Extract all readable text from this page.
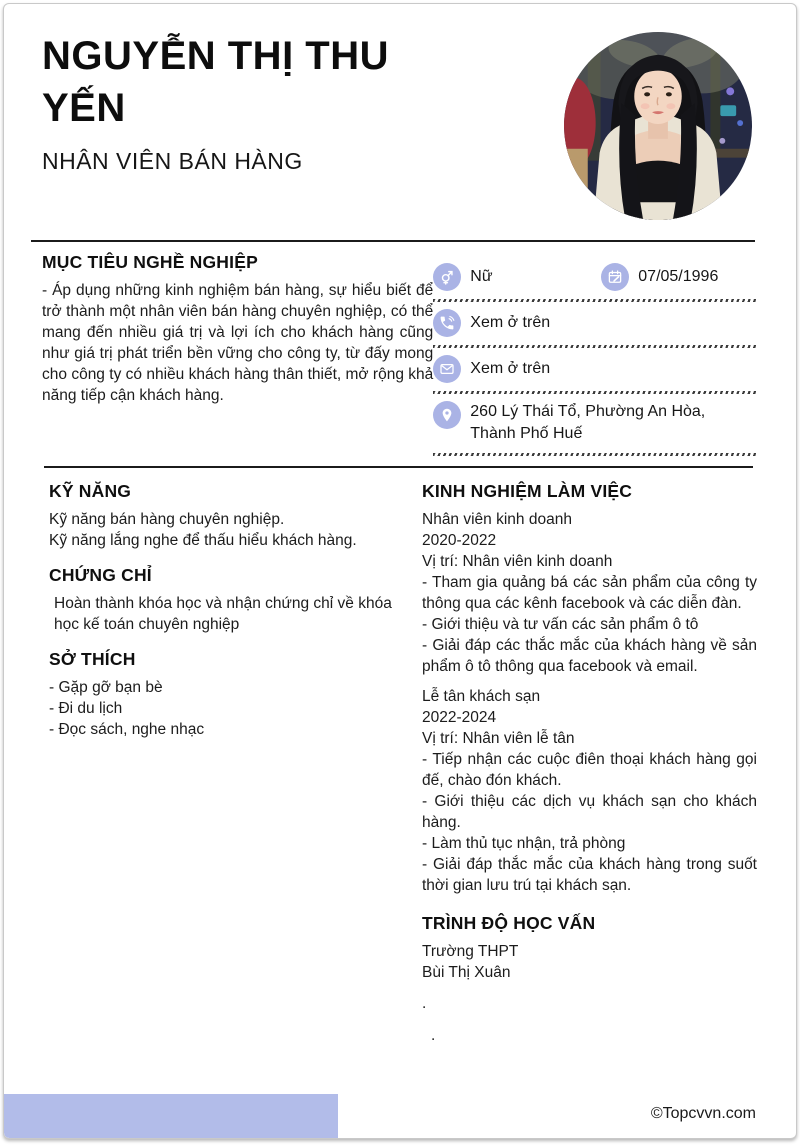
NGUYỄN THỊ THU
YẾN
NHÂN VIÊN BÁN HÀNG
MỤC TIÊU NGHỀ NGHIỆP

- Áp dụng những kinh nghiệm bán hàng, sự hiểu biết để trở thành một nhân viên bán hàng chuyên nghiệp, có thể mang đến nhiều giá trị và lợi ích cho khách hàng cũng như giá trị phát triển bền vững cho công ty, từ đấy mong cho công ty có nhiều khách hàng thân thiết, mở rộng khả năng tiếp cận khách hàng.

Nữ	07/05/1996
Xem ở trên
Xem ở trên
260 Lý Thái Tổ, Phường An Hòa, Thành Phố Huế
KỸ NĂNG
Kỹ năng bán hàng chuyên nghiệp.
Kỹ năng lắng nghe để thấu hiểu khách hàng.
CHỨNG CHỈ
Hoàn thành khóa học và nhận chứng chỉ về khóa học kế toán chuyên nghiệp
SỞ THÍCH
- Gặp gỡ bạn bè
- Đi du lịch
- Đọc sách, nghe nhạc
KINH NGHIỆM LÀM VIỆC
Nhân viên kinh doanh
2020-2022
Vị trí: Nhân viên kinh doanh
- Tham gia quảng bá các sản phẩm của công ty thông qua các kênh facebook và các diễn đàn.
- Giới thiệu và tư vấn các sản phẩm ô tô
- Giải đáp các thắc mắc của khách hàng về sản phẩm ô tô thông qua facebook và email.
Lễ tân khách sạn
2022-2024
Vị trí: Nhân viên lễ tân
- Tiếp nhận các cuộc điên thoại khách hàng gọi đế, chào đón khách.
- Giới thiệu các dịch vụ khách sạn cho khách hàng.
- Làm thủ tục nhận, trả phòng
- Giải đáp thắc mắc của khách hàng trong suốt thời gian lưu trú tại khách sạn.
TRÌNH ĐỘ HỌC VẤN
Trường THPT
Bùi Thị Xuân
.
.
©Topcvvn.com
